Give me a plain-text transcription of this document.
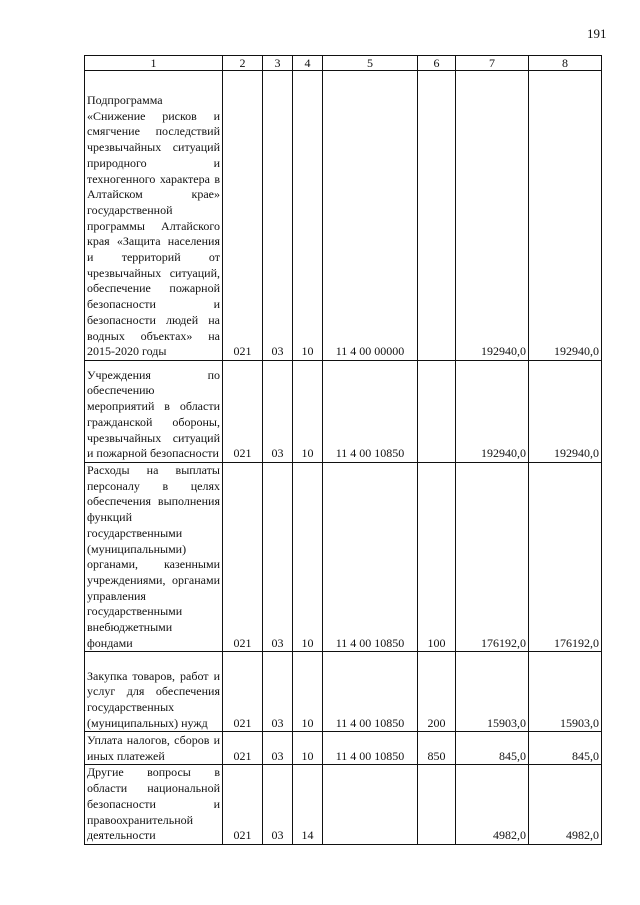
191
1	2	3	4	5	6	7	8
Подпрограмма «Снижение рисков и смягчение последствий чрезвычайных ситуаций природного и техногенного характера в Алтайском крае» государственной программы Алтайского края «Защита населения и территорий от чрезвычайных ситуаций, обеспечение пожарной безопасности и безопасности людей на водных объектах» на 2015-2020 годы	021	03	10	11 4 00 00000		192940,0	192940,0
Учреждения по обеспечению мероприятий в области гражданской обороны, чрезвычайных ситуаций и пожарной безопасности	021	03	10	11 4 00 10850		192940,0	192940,0
Расходы на выплаты персоналу в целях обеспечения выполнения функций государственными (муниципальными) органами, казенными учреждениями, органами управления государственными внебюджетными фондами	021	03	10	11 4 00 10850	100	176192,0	176192,0
Закупка товаров, работ и услуг для обеспечения государственных (муниципальных) нужд	021	03	10	11 4 00 10850	200	15903,0	15903,0
Уплата налогов, сборов и иных платежей	021	03	10	11 4 00 10850	850	845,0	845,0
Другие вопросы в области национальной безопасности и правоохранительной деятельности	021	03	14			4982,0	4982,0
